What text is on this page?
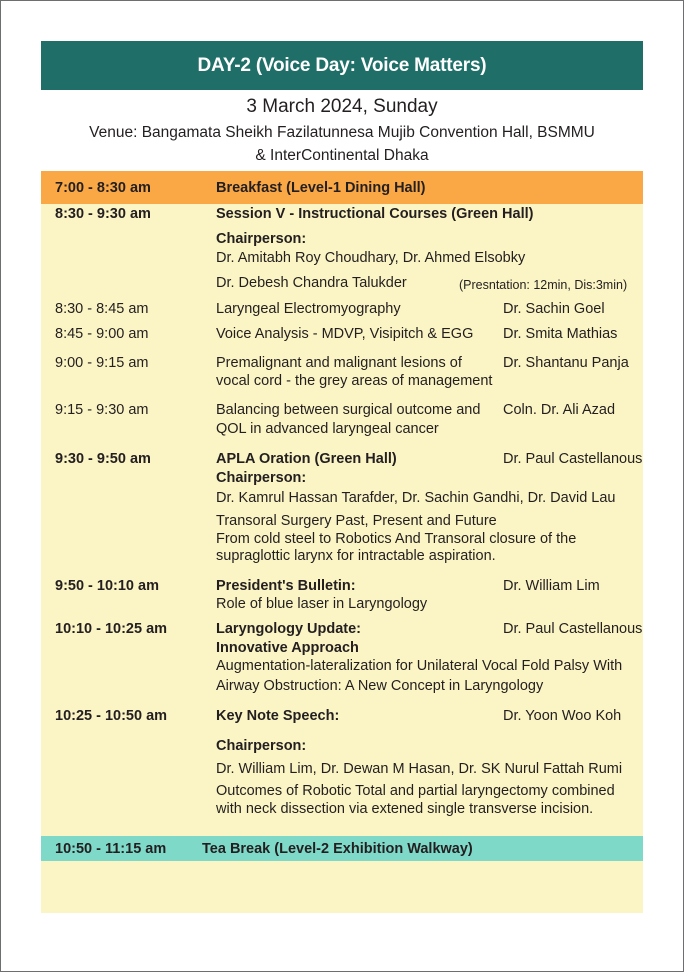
DAY-2 (Voice Day: Voice Matters)
3 March 2024, Sunday
Venue: Bangamata Sheikh Fazilatunnesa Mujib Convention Hall, BSMMU
& InterContinental Dhaka
7:00 - 8:30 am	Breakfast (Level-1 Dining Hall)
8:30 - 9:30 am	Session V - Instructional Courses (Green Hall)
Chairperson:
Dr. Amitabh Roy Choudhary, Dr. Ahmed Elsobky
Dr. Debesh Chandra Talukder	(Presntation: 12min, Dis:3min)
8:30 - 8:45 am	Laryngeal Electromyography	Dr. Sachin Goel
8:45 - 9:00 am	Voice Analysis - MDVP, Visipitch & EGG Dr. Smita Mathias
9:00 - 9:15 am	Premalignant and malignant lesions of
vocal cord - the grey areas of management
Dr. Shantanu Panja
9:15 - 9:30 am	Balancing between surgical outcome and
QOL in advanced laryngeal cancer
Coln. Dr. Ali Azad
9:30 - 9:50 am	APLA Oration (Green Hall)	Dr. Paul Castellanous
Chairperson:
Dr. Kamrul Hassan Tarafder, Dr. Sachin Gandhi, Dr. David Lau
Transoral Surgery Past, Present and Future
From cold steel to Robotics And Transoral closure of the
supraglottic larynx for intractable aspiration.
9:50 - 10:10 am	President's Bulletin:	Dr. William Lim
Role of blue laser in Laryngology
10:10 - 10:25 am	Laryngology Update:	Dr. Paul Castellanous
Innovative Approach
Augmentation-lateralization for Unilateral Vocal Fold Palsy With
Airway Obstruction: A New Concept in Laryngology
10:25 - 10:50 am	Key Note Speech:	Dr. Yoon Woo Koh
Chairperson:
Dr. William Lim, Dr. Dewan M Hasan, Dr. SK Nurul Fattah Rumi
Outcomes of Robotic Total and partial laryngectomy combined
with neck dissection via extened single transverse incision.
10:50 - 11:15 am Tea Break (Level-2 Exhibition Walkway)
